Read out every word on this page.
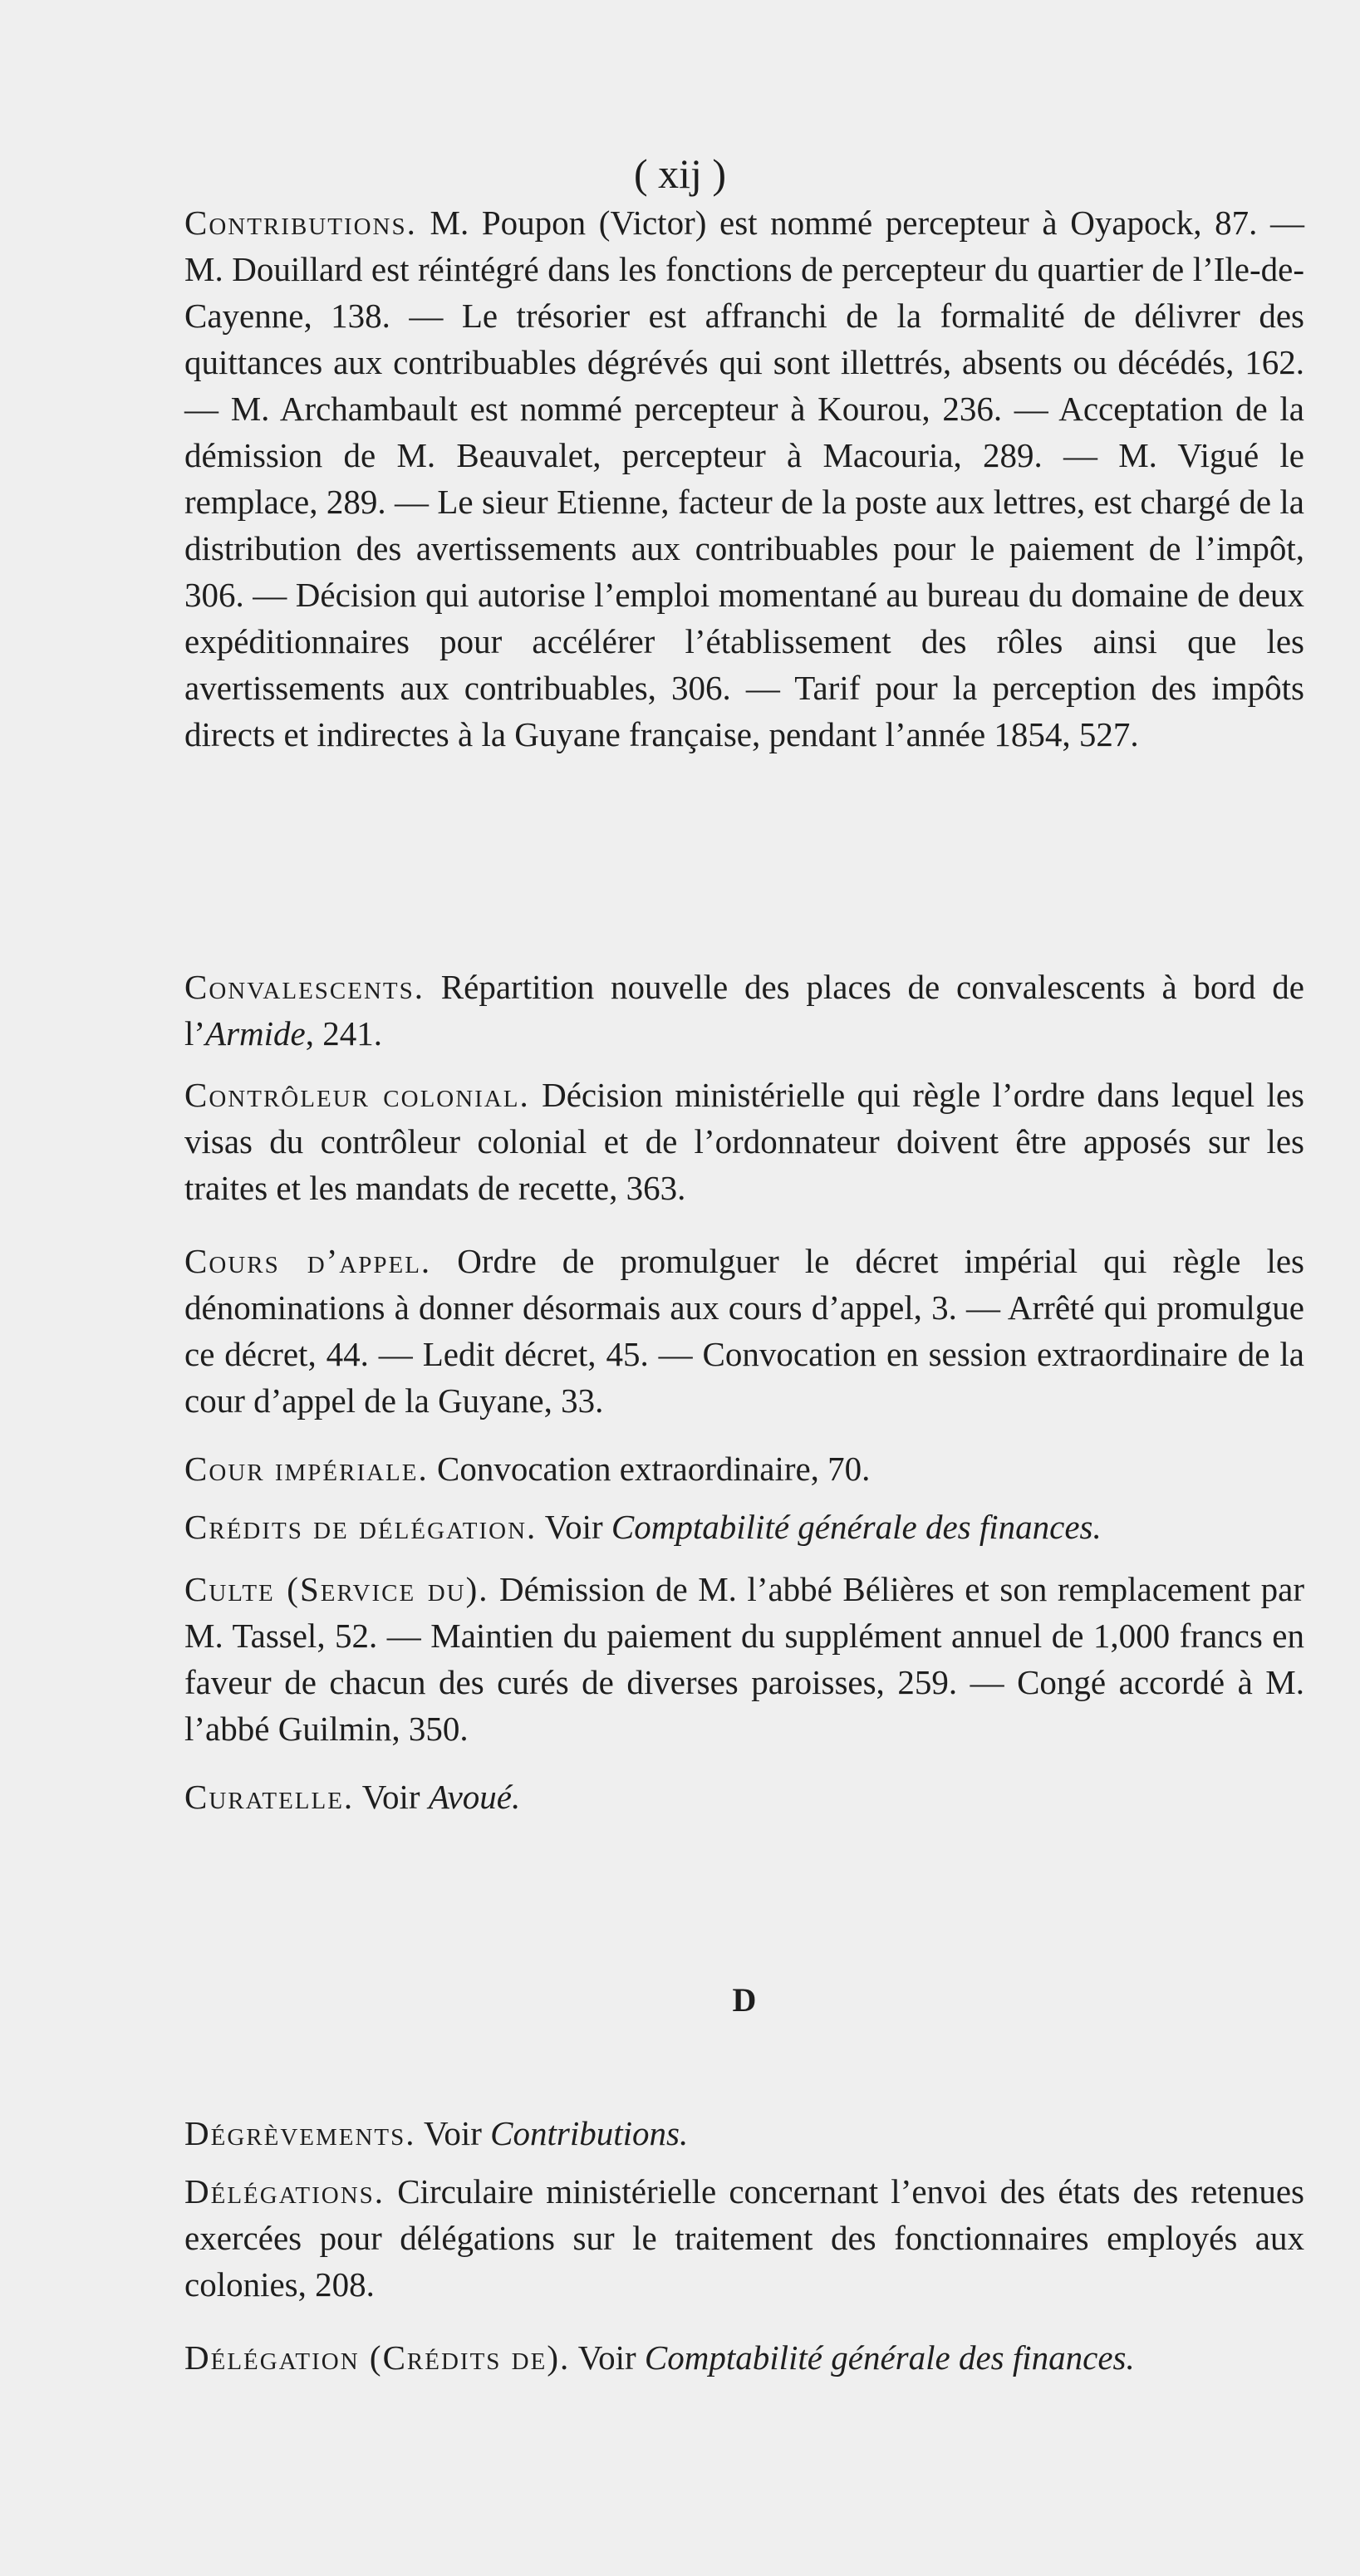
( xij )

Contributions. M. Poupon (Victor) est nommé percepteur à Oyapock, 87. — M. Douillard est réintégré dans les fonctions de percepteur du quartier de l’Ile-de-Cayenne, 138. — Le trésorier est affranchi de la formalité de délivrer des quittances aux contribuables dégrévés qui sont illettrés, absents ou décédés, 162. — M. Archambault est nommé percepteur à Kourou, 236. — Acceptation de la démission de M. Beauvalet, percepteur à Macouria, 289. — M. Vigué le remplace, 289. — Le sieur Etienne, facteur de la poste aux lettres, est chargé de la distribution des avertissements aux contribuables pour le paiement de l’impôt, 306. — Décision qui autorise l’emploi momentané au bureau du domaine de deux expéditionnaires pour accélérer l’établissement des rôles ainsi que les avertissements aux contribuables, 306. — Tarif pour la perception des impôts directs et indirectes à la Guyane française, pendant l’année 1854, 527.

Convalescents. Répartition nouvelle des places de convalescents à bord de l’Armide, 241.

Contrôleur colonial. Décision ministérielle qui règle l’ordre dans lequel les visas du contrôleur colonial et de l’ordonnateur doivent être apposés sur les traites et les mandats de recette, 363.

Cours d’appel. Ordre de promulguer le décret impérial qui règle les dénominations à donner désormais aux cours d’appel, 3. — Arrêté qui promulgue ce décret, 44. — Ledit décret, 45. — Convocation en session extraordinaire de la cour d’appel de la Guyane, 33.

Cour impériale. Convocation extraordinaire, 70.

Crédits de délégation. Voir Comptabilité générale des finances.

Culte (Service du). Démission de M. l’abbé Bélières et son remplacement par M. Tassel, 52. — Maintien du paiement du supplément annuel de 1,000 francs en faveur de chacun des curés de diverses paroisses, 259. — Congé accordé à M. l’abbé Guilmin, 350.

Curatelle. Voir Avoué.

D

Dégrèvements. Voir Contributions.

Délégations. Circulaire ministérielle concernant l’envoi des états des retenues exercées pour délégations sur le traitement des fonctionnaires employés aux colonies, 208.

Délégation (Crédits de). Voir Comptabilité générale des finances.
